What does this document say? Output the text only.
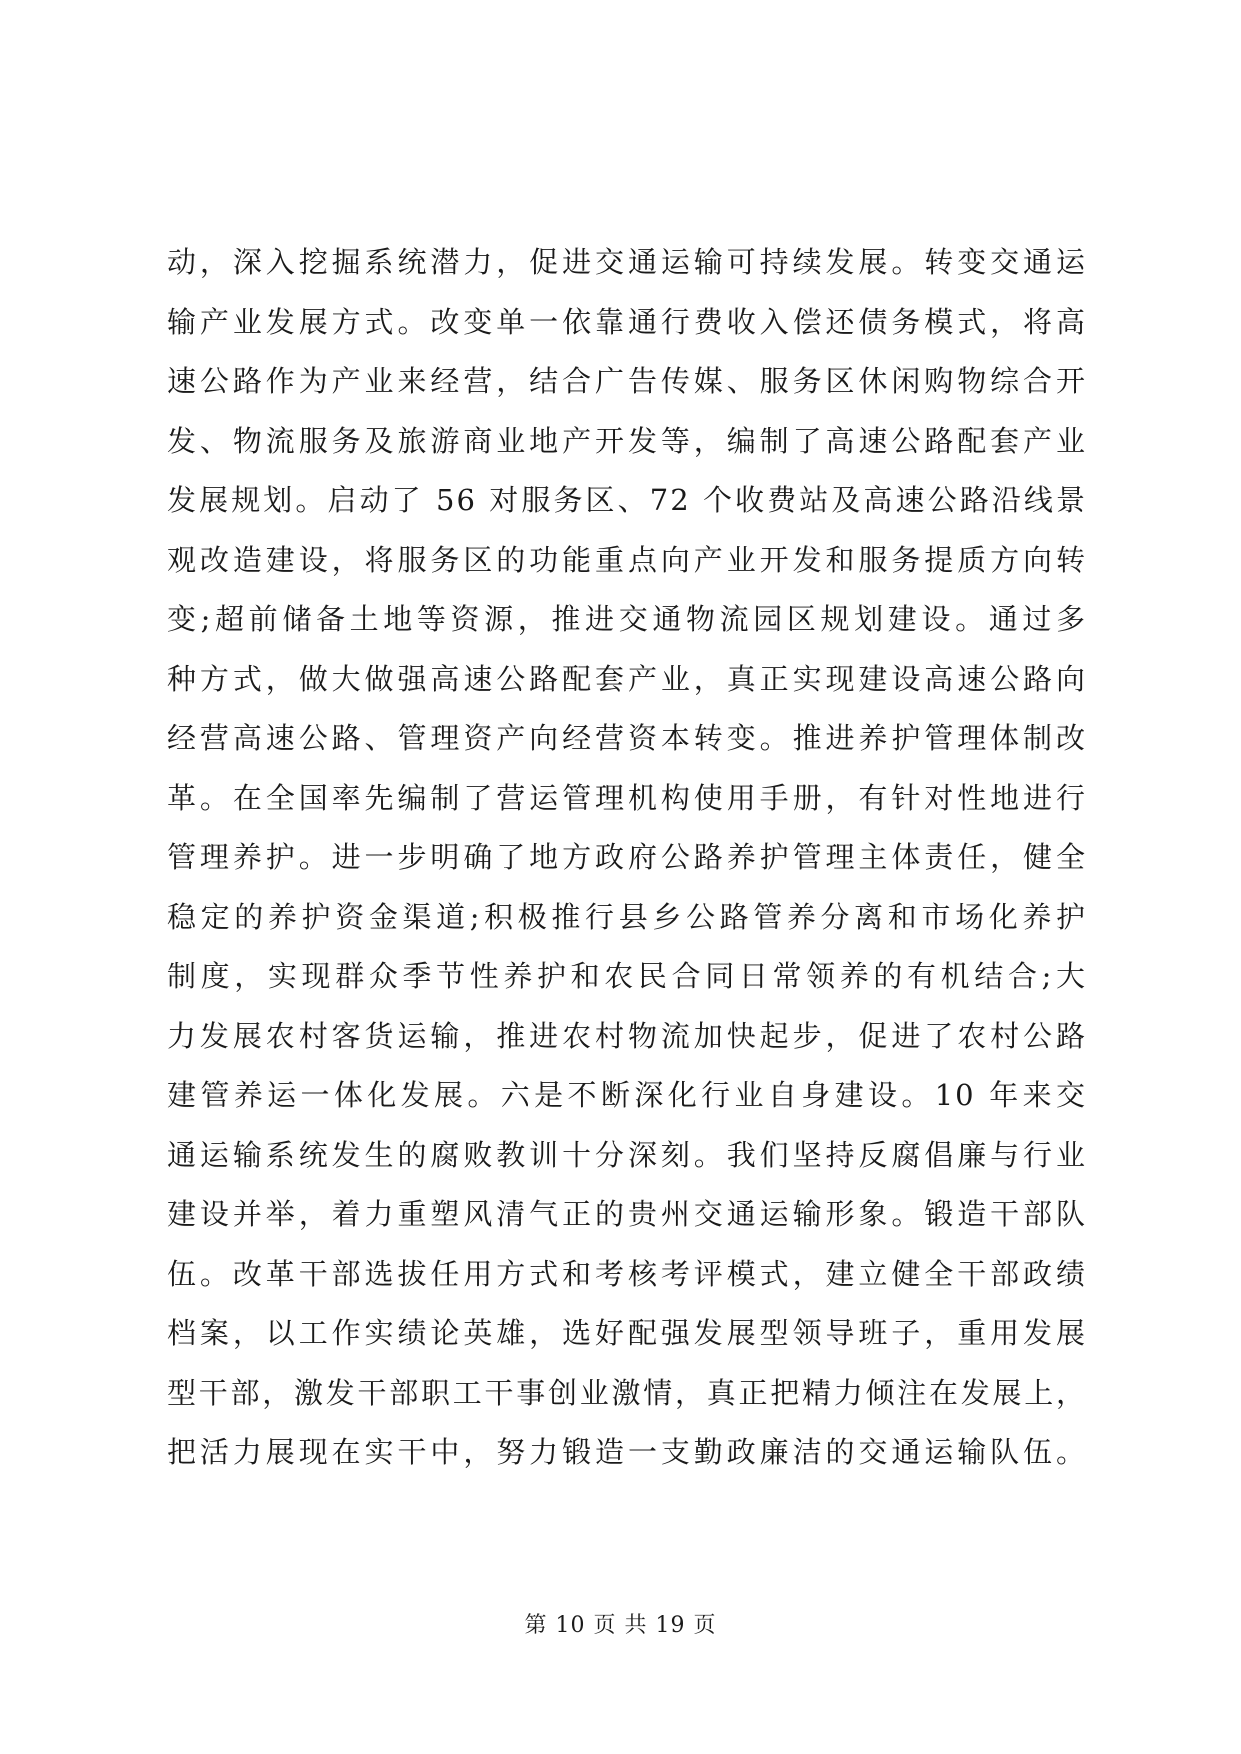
动，深入挖掘系统潜力，促进交通运输可持续发展。转变交通运
输产业发展方式。改变单一依靠通行费收入偿还债务模式，将高
速公路作为产业来经营，结合广告传媒、服务区休闲购物综合开
发、物流服务及旅游商业地产开发等，编制了高速公路配套产业
发展规划。启动了 56 对服务区、72 个收费站及高速公路沿线景
观改造建设，将服务区的功能重点向产业开发和服务提质方向转
变;超前储备土地等资源，推进交通物流园区规划建设。通过多
种方式，做大做强高速公路配套产业，真正实现建设高速公路向
经营高速公路、管理资产向经营资本转变。推进养护管理体制改
革。在全国率先编制了营运管理机构使用手册，有针对性地进行
管理养护。进一步明确了地方政府公路养护管理主体责任，健全
稳定的养护资金渠道;积极推行县乡公路管养分离和市场化养护
制度，实现群众季节性养护和农民合同日常领养的有机结合;大
力发展农村客货运输，推进农村物流加快起步，促进了农村公路
建管养运一体化发展。六是不断深化行业自身建设。10 年来交
通运输系统发生的腐败教训十分深刻。我们坚持反腐倡廉与行业
建设并举，着力重塑风清气正的贵州交通运输形象。锻造干部队
伍。改革干部选拔任用方式和考核考评模式，建立健全干部政绩
档案，以工作实绩论英雄，选好配强发展型领导班子，重用发展
型干部，激发干部职工干事创业激情，真正把精力倾注在发展上，
把活力展现在实干中，努力锻造一支勤政廉洁的交通运输队伍。
第 10 页 共 19 页
